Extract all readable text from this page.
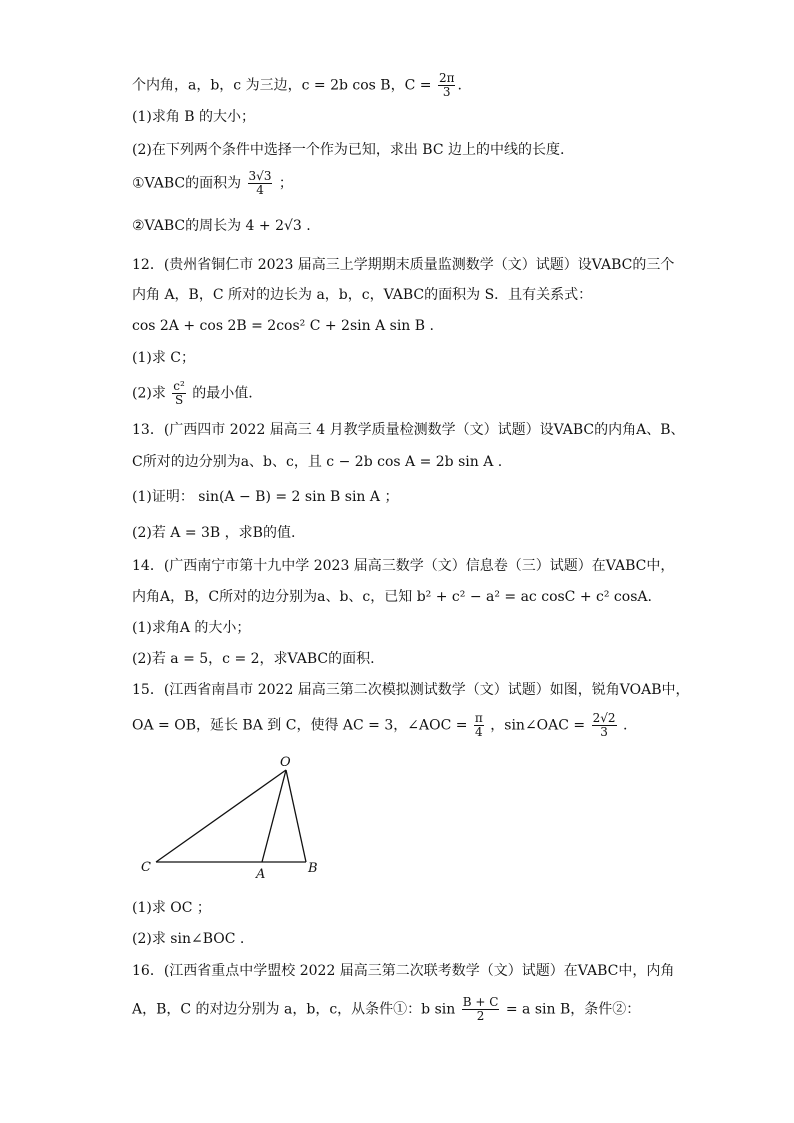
个内角，a，b，c 为三边，c = 2b cos B，$C = \frac{2\pi}{3}$ .
(1)求角 B 的大小；
(2)在下列两个条件中选择一个作为已知，求出 BC 边上的中线的长度.
①VABC的面积为 $\frac{3√3}{4}$ ；
②VABC的周长为 4 + 2√3 .
12．(贵州省铜仁市 2023 届高三上学期期末质量监测数学（文）试题）设VABC的三个
内角 A，B，C 所对的边长为 a，b，c，VABC的面积为 S．且有关系式：
cos 2A + cos 2B = 2cos² C + 2sin A sin B .
(1)求 C；
(2)求 $\frac{\text{c²}}{S}$ 的最小值.
13．(广西四市 2022 届高三 4 月教学质量检测数学（文）试题）设VABC的内角A、B、
C所对的边分别为a、b、c，且 c − 2b cos A = 2b sin A .
(1)证明： sin(A − B) = 2 sin B sin A ；
(2)若 A = 3B ，求B的值.
14．(广西南宁市第十九中学 2023 届高三数学（文）信息卷（三）试题）在VABC中，
内角A，B，C所对的边分别为a、b、c，已知 b² + c² − a² = ac cosC + c² cosA.
(1)求角A 的大小；
(2)若 a = 5，c = 2，求VABC的面积.
15．(江西省南昌市 2022 届高三第二次模拟测试数学（文）试题）如图，锐角VOAB中，
OA = OB，延长 BA 到 C，使得 AC = 3，∠AOC = $\frac{\pi}{4}$ ，sin∠OAC = $\frac{2√2}{3}$ .
O
A	B
C
(1)求 OC ；
(2)求 sin∠BOC .
16．(江西省重点中学盟校 2022 届高三第二次联考数学（文）试题）在VABC中，内角
A，B，C 的对边分别为 a，b，c，从条件①：b $\sin \frac{B + C}{2} = a$ sin B，条件②：
